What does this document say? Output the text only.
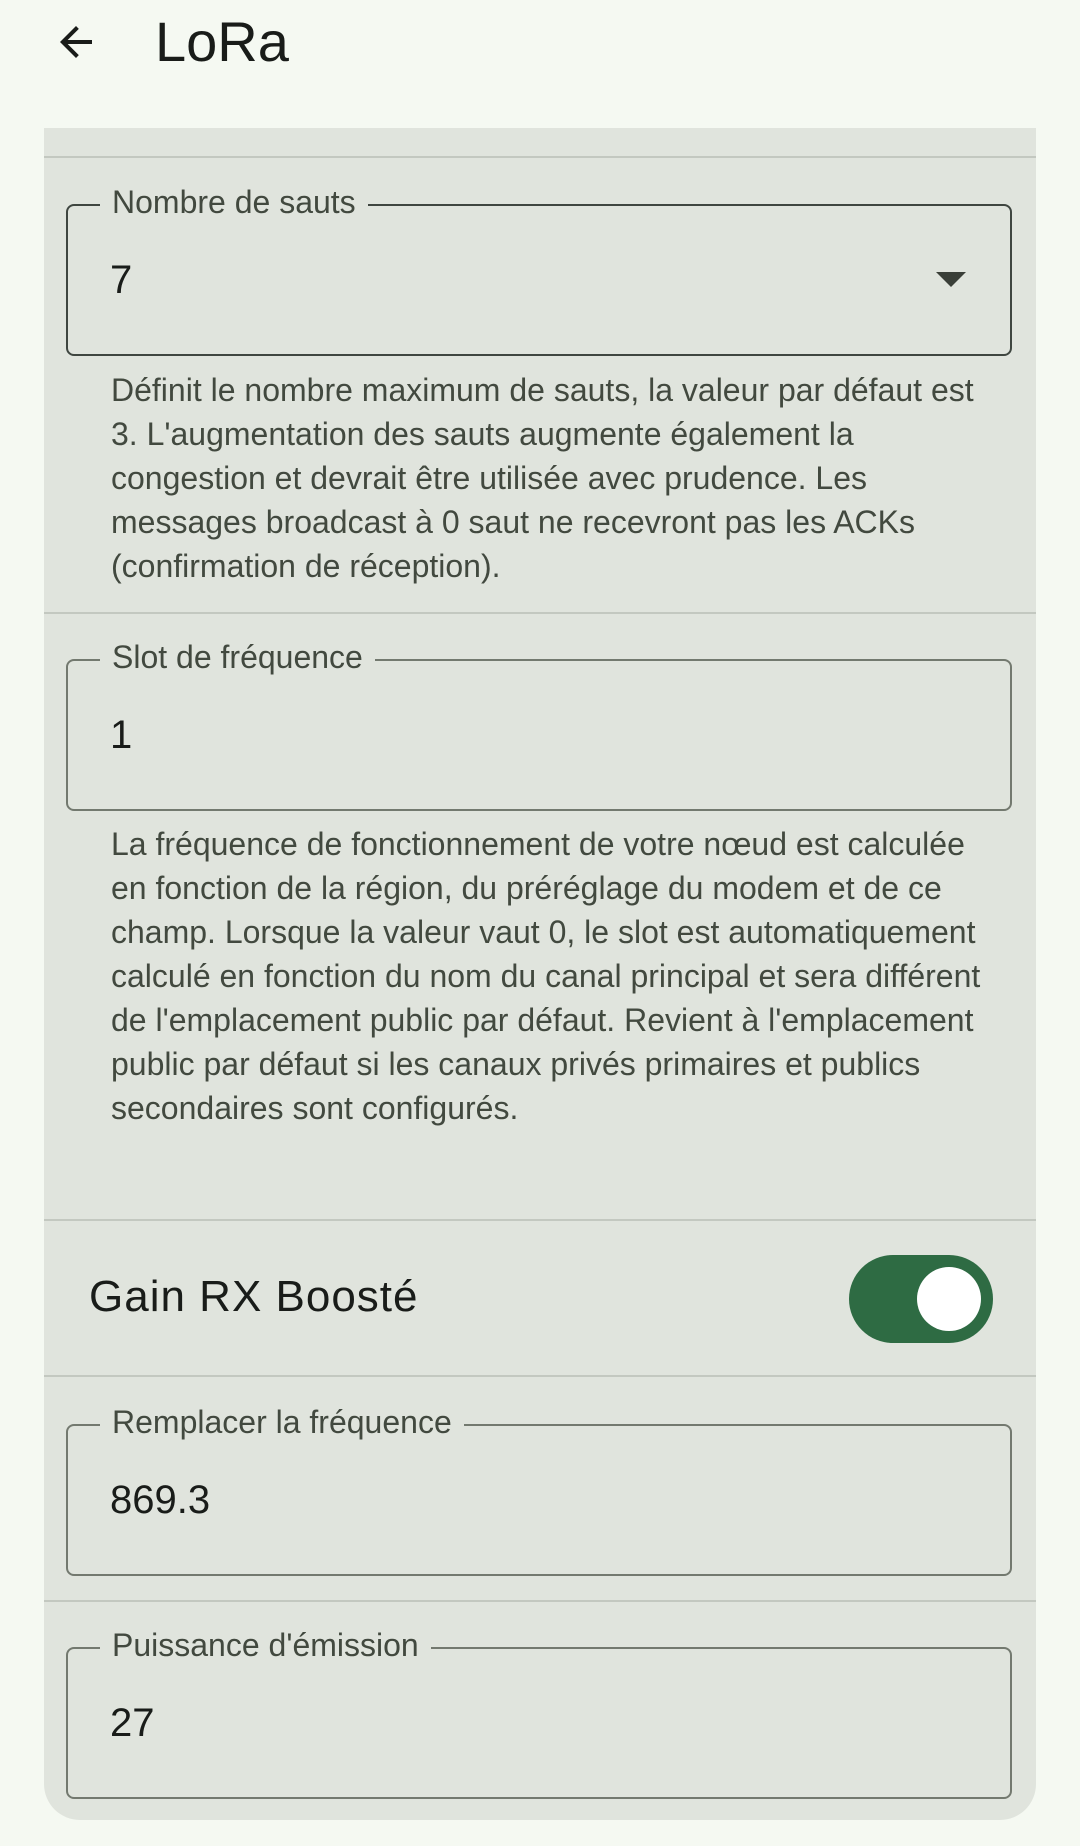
LoRa
Nombre de sauts
7
Définit le nombre maximum de sauts, la valeur par défaut est 3. L'augmentation des sauts augmente également la congestion et devrait être utilisée avec prudence. Les messages broadcast à 0 saut ne recevront pas les ACKs (confirmation de réception).
Slot de fréquence
1
La fréquence de fonctionnement de votre nœud est calculée en fonction de la région, du préréglage du modem et de ce champ. Lorsque la valeur vaut 0, le slot est automatiquement calculé en fonction du nom du canal principal et sera différent de l'emplacement public par défaut. Revient à l'emplacement public par défaut si les canaux privés primaires et publics secondaires sont configurés.
Gain RX Boosté
Remplacer la fréquence
869.3
Puissance d'émission
27
